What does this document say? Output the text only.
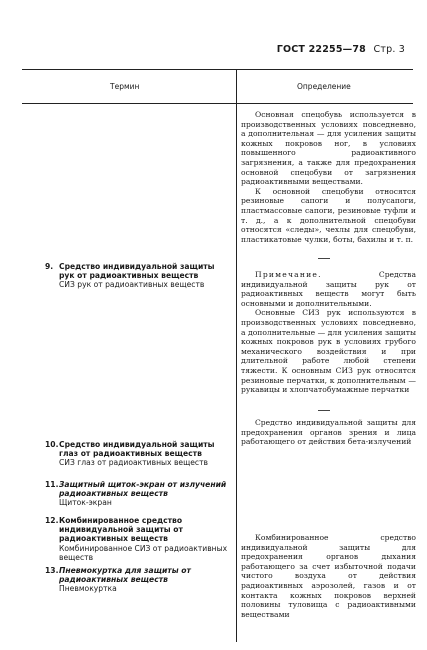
ГОСТ 22255—78 Стр. 3
Термин	Определение

Основная спецобувь используется в производственных условиях повседневно, а дополнительная — для усиления защиты кожных покровов ног, в условиях повышенного радиоактивного загрязнения, а также для предохранения основной спецобуви от загрязнения радиоактивными веществами.

К основной спецобуви относятся резиновые сапоги и полусапоги, пластмассовые сапоги, резиновые туфли и т. д., а к дополнительной спецобуви относятся «следы», чехлы для спецобуви, пластикатовые чулки, боты, бахилы и т. п.

Примечание.	Средства индивидуальной защиты рук от радиоактивных веществ могут быть основными и дополнительными.

Основные СИЗ рук используются в производственных условиях повседневно, а дополнительные — для усиления защиты кожных покровов рук в условиях грубого механического воздействия и при длительной работе любой степени тяжести. К основным СИЗ рук относятся резиновые перчатки, к дополнительным — рукавицы и хлопчатобумажные перчатки

Средство индивидуальной защиты для предохранения органов зрения и лица работающего от действия бета-излучений

Комбинированное средство индивидуальной защиты для предохранения органов дыхания работающего за счет избыточной подачи чистого воздуха от действия радиоактивных аэрозолей, газов и от контакта кожных покровов верхней половины туловища с радиоактивными веществами

9. Средство индивидуальной защиты рук от радиоактивных веществ
СИЗ рук от радиоактивных веществ
10. Средство индивидуальной защиты глаз от радиоактивных веществ
СИЗ глаз от радиоактивных веществ
11. Защитный щиток-экран от излучений радиоактивных веществ
Щиток-экран
12. Комбинированное средство индивидуальной защиты от радиоактивных веществ
Комбинированное СИЗ от радиоактивных веществ
13. Пневмокуртка для защиты от радиоактивных веществ
Пневмокуртка
